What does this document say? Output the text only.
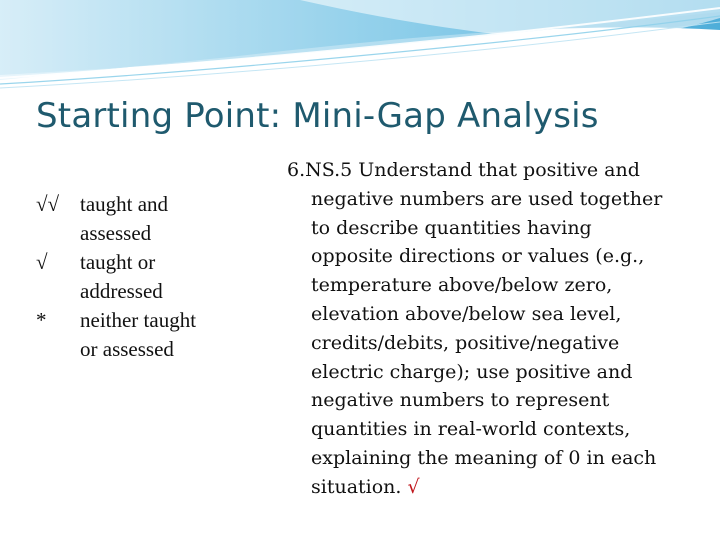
Starting Point: Mini-Gap Analysis
√√ taught and
assessed
√	taught or
addressed
*	neither taught
or assessed
6.NS.5 Understand that positive and
negative numbers are used together
to describe quantities having
opposite directions or values (e.g.,
temperature above/below zero,
elevation above/below sea level,
credits/debits, positive/negative
electric charge); use positive and
negative numbers to represent
quantities in real-world contexts,
explaining the meaning of 0 in each
situation. √
